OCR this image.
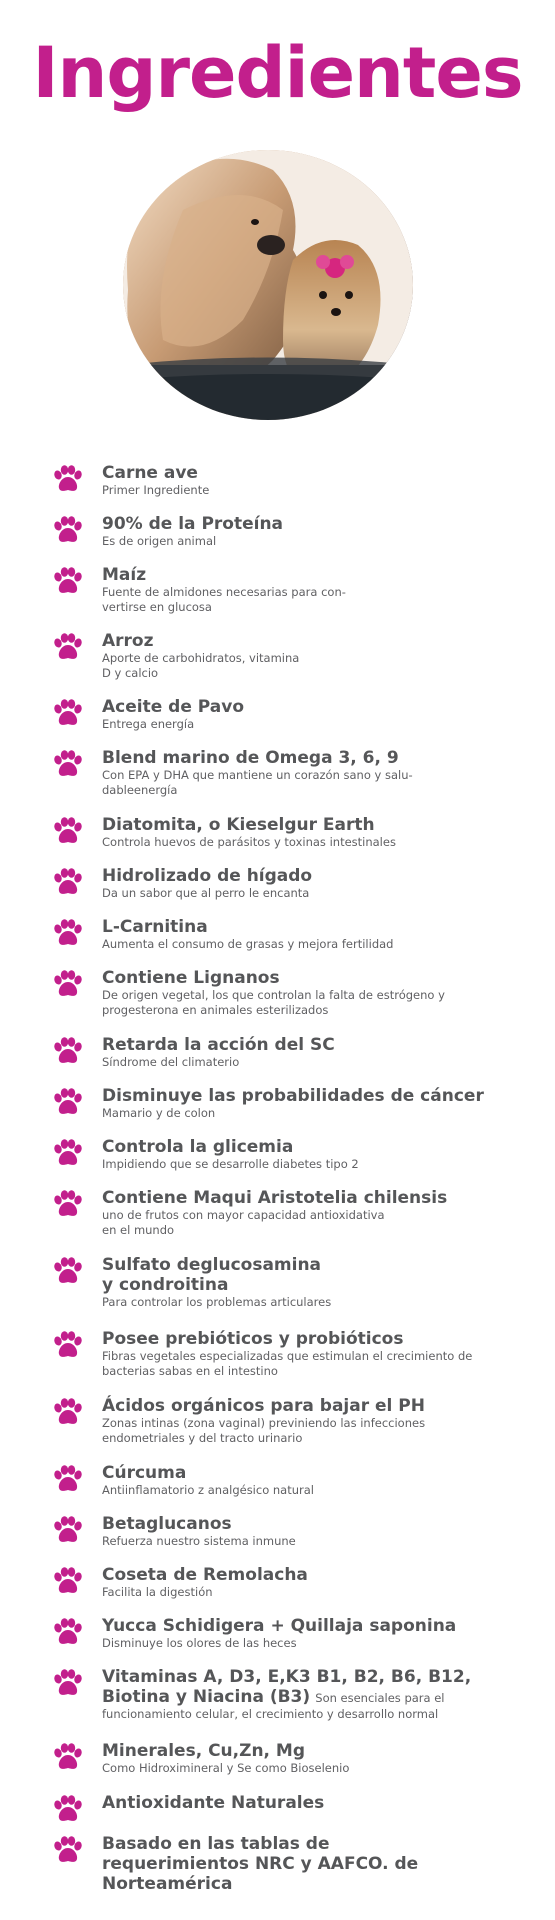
Ingredientes
Carne ave
Primer Ingrediente
90% de la Proteína
Es de origen animal
Maíz
Fuente de almidones necesarias para con-
vertirse en glucosa
Arroz
Aporte de carbohidratos, vitamina
D y calcio
Aceite de Pavo
Entrega energía
Blend marino de Omega 3, 6, 9
Con EPA y DHA que mantiene un corazón sano y salu-
dableenergía
Diatomita, o Kieselgur Earth
Controla huevos de parásitos y toxinas intestinales
Hidrolizado de hígado
Da un sabor que al perro le encanta
L-Carnitina
Aumenta el consumo de grasas y mejora fertilidad
Contiene Lignanos
De origen vegetal, los que controlan la falta de estrógeno y
progesterona en animales esterilizados
Retarda la acción del SC
Síndrome del climaterio
Disminuye las probabilidades de cáncer
Mamario y de colon
Controla la glicemia
Impidiendo que se desarrolle diabetes tipo 2
Contiene Maqui Aristotelia chilensis
uno de frutos con mayor capacidad antioxidativa
en el mundo
Sulfato deglucosamina y condroitina
Para controlar los problemas articulares
Posee prebióticos y probióticos
Fibras vegetales especializadas que estimulan el crecimiento de
bacterias sabas en el intestino
Ácidos orgánicos para bajar el PH
Zonas intinas (zona vaginal) previniendo las infecciones
endometriales y del tracto urinario
Cúrcuma
Antiinflamatorio z analgésico natural
Betaglucanos
Refuerza nuestro sistema inmune
Coseta de Remolacha
Facilita la digestión
Yucca Schidigera + Quillaja saponina
Disminuye los olores de las heces
Vitaminas A, D3, E,K3 B1, B2, B6, B12, Biotina y Niacina (B3) Son esenciales para el
funcionamiento celular, el crecimiento y desarrollo normal
Minerales, Cu,Zn, Mg
Como Hidroximineral y Se como Bioselenio
Antioxidante Naturales
Basado en las tablas de requerimientos NRC y AAFCO. de Norteamérica
